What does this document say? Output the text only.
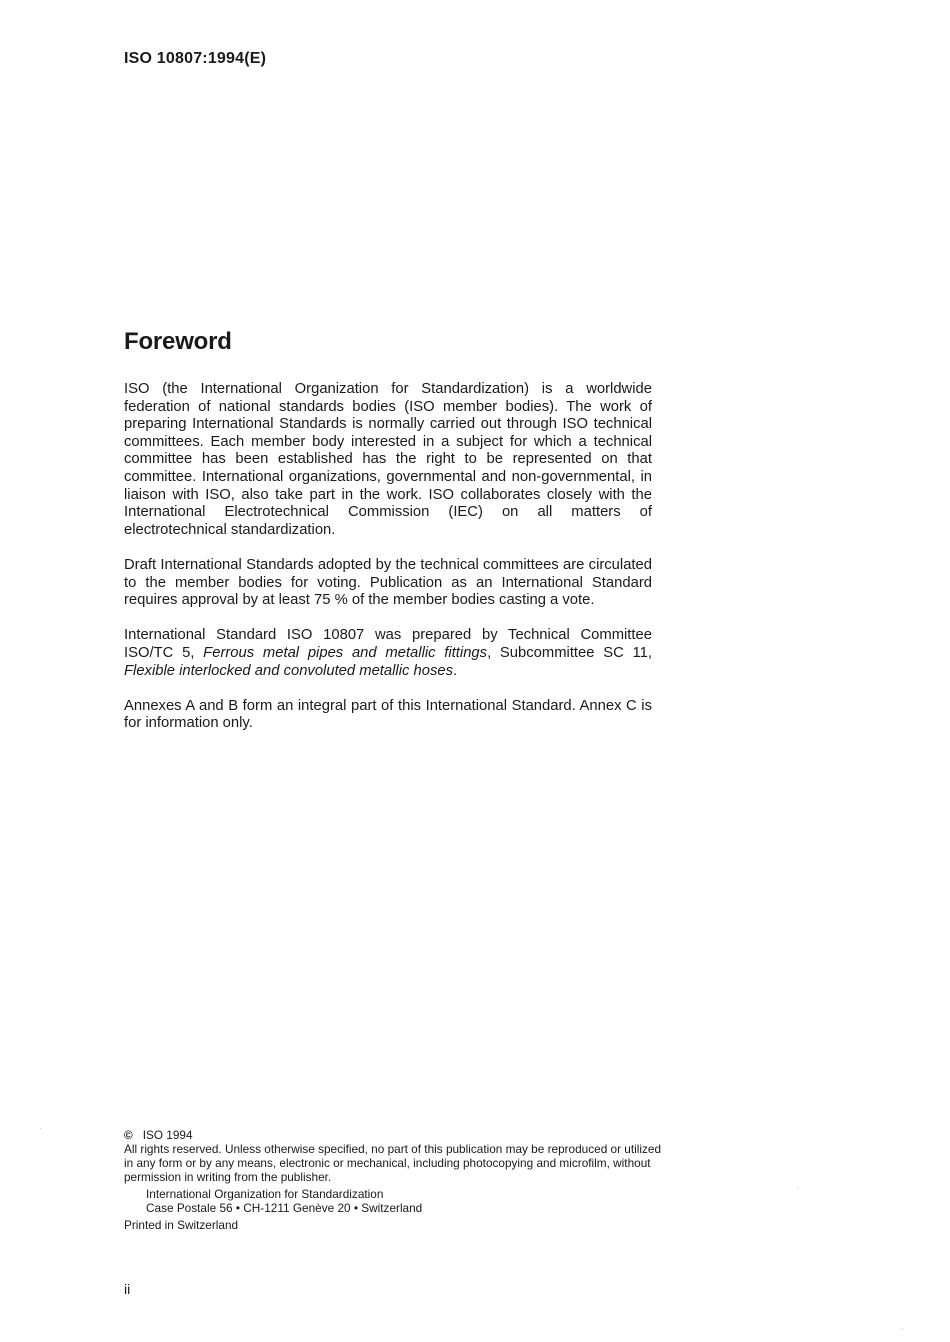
ISO 10807:1994(E)
Foreword

ISO (the International Organization for Standardization) is a worldwide federation of national standards bodies (ISO member bodies). The work of preparing International Standards is normally carried out through ISO technical committees. Each member body interested in a subject for which a technical committee has been established has the right to be represented on that committee. International organizations, governmental and non-governmental, in liaison with ISO, also take part in the work. ISO collaborates closely with the International Electrotechnical Commission (IEC) on all matters of electrotechnical standardization.

Draft International Standards adopted by the technical committees are circulated to the member bodies for voting. Publication as an International Standard requires approval by at least 75 % of the member bodies casting a vote.

International Standard ISO 10807 was prepared by Technical Committee ISO/TC 5, Ferrous metal pipes and metallic fittings, Subcommittee SC 11, Flexible interlocked and convoluted metallic hoses.

Annexes A and B form an integral part of this International Standard. Annex C is for information only.

© ISO 1994

All rights reserved. Unless otherwise specified, no part of this publication may be reproduced or utilized in any form or by any means, electronic or mechanical, including photocopying and microfilm, without permission in writing from the publisher.

International Organization for Standardization

Case Postale 56 • CH-1211 Genève 20 • Switzerland

Printed in Switzerland

ii
